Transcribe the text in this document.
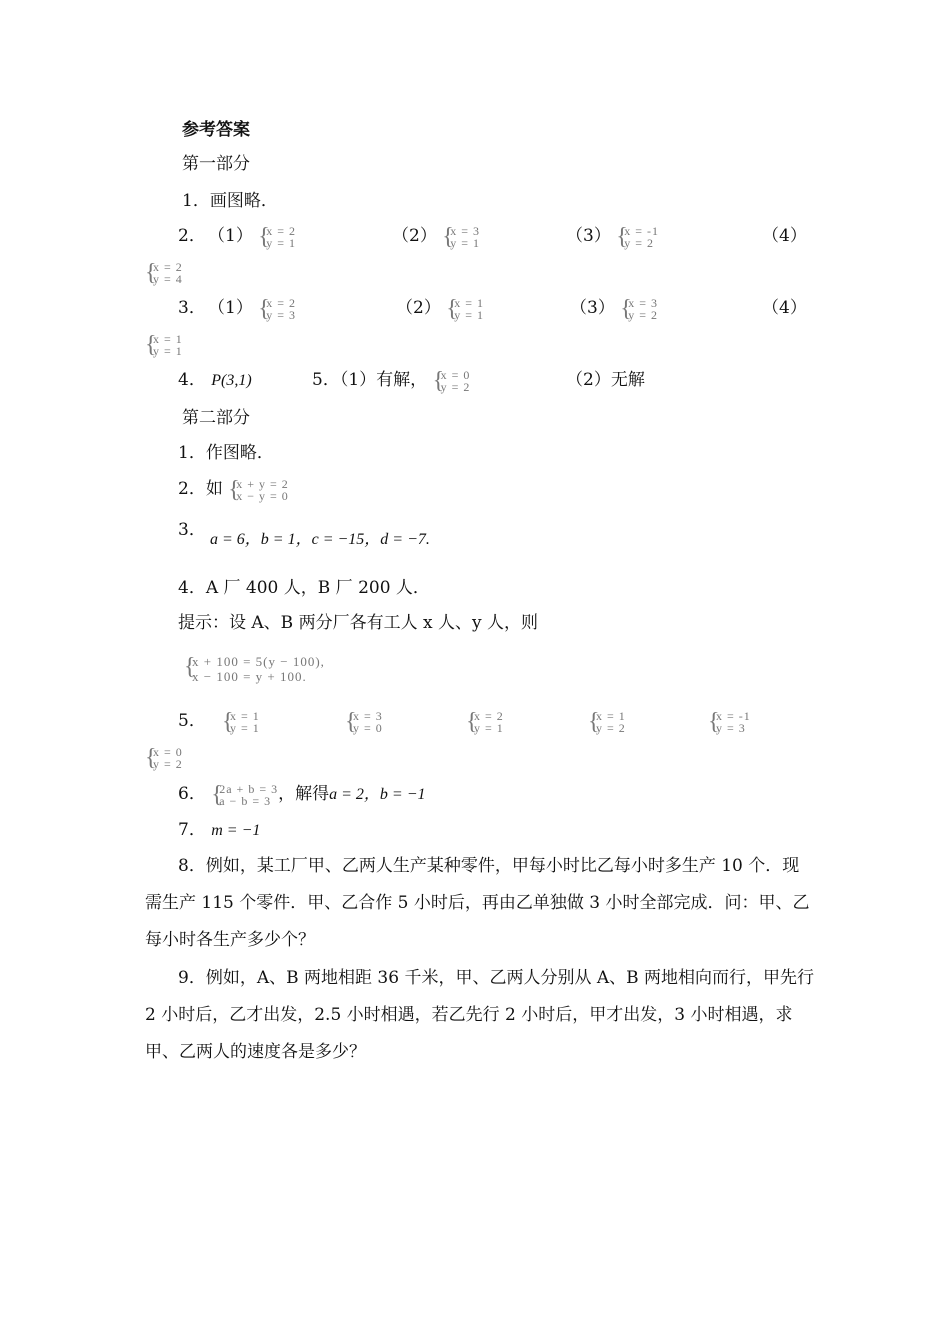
参考答案
第一部分
1．画图略．
2． （1） { x = 2
y = 1	（2） { x = 3
y = 1	（3） { x = -1
y = 2	（4）
{ x = 2
y = 4
3． （1） { x = 2
y = 3	（2） { x = 1
y = 1	（3） { x = 3
y = 2	（4）
{ x = 1
y = 1
4． P(3,1)	5．（1）有解， { x = 0
y = 2	（2）无解
第二部分
1．作图略．
2．如 { x + y = 2
x − y = 0
3． a = 6，b = 1，c = −15，d = −7.
4．A 厂 400 人，B 厂 200 人．
提示：设 A、B 两分厂各有工人 x 人、y 人，则
{ x + 100 = 5(y − 100),
x − 100 = y + 100.
5． { x = 1
y = 1
{ x = 3
y = 0
{ x = 2
y = 1
{ x = 1
y = 2
{ x = -1
y = 3
{ x = 0
y = 2
6． { 2a + b = 3
a − b = 3 ，解得a = 2，b = −1
7． m = −1
8．例如，某工厂甲、乙两人生产某种零件，甲每小时比乙每小时多生产 10 个．现需生产 115 个零件．甲、乙合作 5 小时后，再由乙单独做 3 小时全部完成．问：甲、乙每小时各生产多少个？
9．例如，A、B 两地相距 36 千米，甲、乙两人分别从 A、B 两地相向而行，甲先行 2 小时后，乙才出发，2.5 小时相遇，若乙先行 2 小时后，甲才出发，3 小时相遇，求甲、乙两人的速度各是多少？
